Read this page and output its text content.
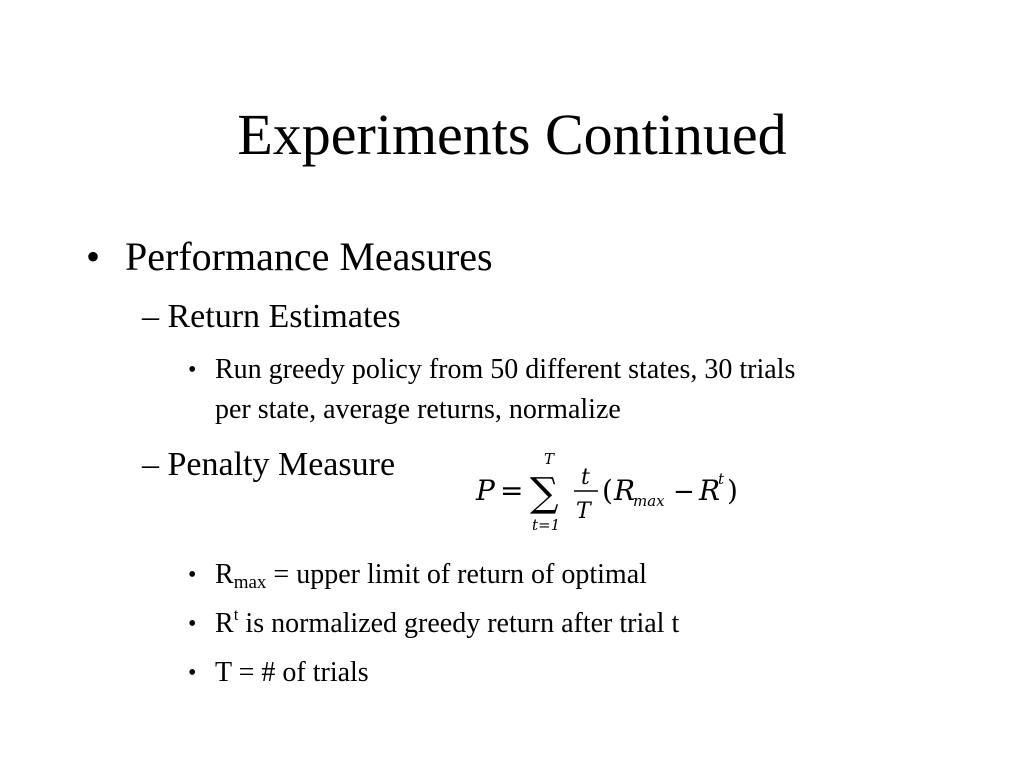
Experiments Continued
• Performance Measures
– Return Estimates
• Run greedy policy from 50 different states, 30 trials
per state, average returns, normalize
– Penalty Measure
P =
T
∑
t=1
t
T
( R
max − R
t )
• $R_{max}$ = upper limit of return of optimal
• $R^t$ is normalized greedy return after trial t
• T = # of trials
